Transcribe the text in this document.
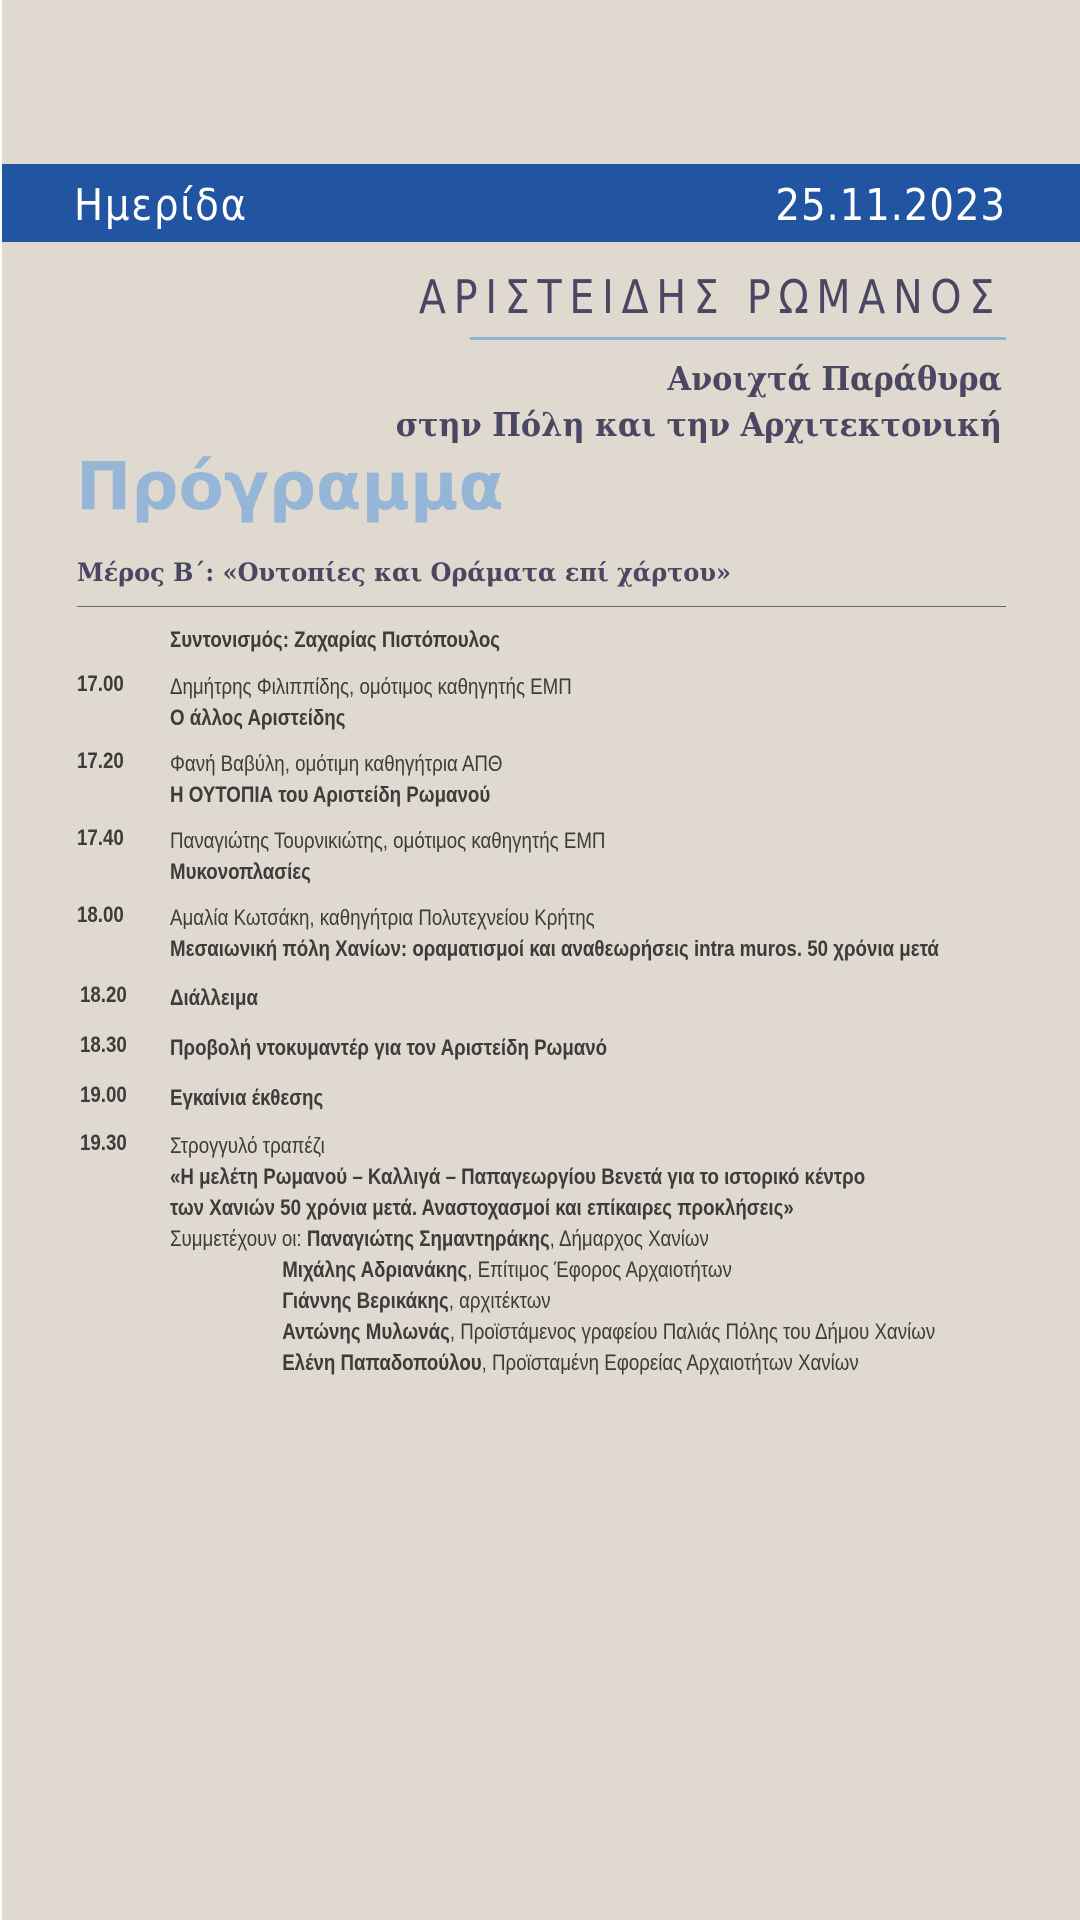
Ημερίδα	25.11.2023
ΑΡΙΣΤΕΙΔΗΣ ΡΩΜΑΝΟΣ
Ανοιχτά Παράθυρα
στην Πόλη και την Αρχιτεκτονική
Πρόγραμμα
Μέρος Β΄: «Ουτοπίες και Οράματα επί χάρτου»
Συντονισμός: Ζαχαρίας Πιστόπουλος
17.00 Δημήτρης Φιλιππίδης, ομότιμος καθηγητής ΕΜΠ
Ο άλλος Αριστείδης
17.20 Φανή Βαβύλη, ομότιμη καθηγήτρια ΑΠΘ
Η ΟΥΤΟΠΙΑ του Αριστείδη Ρωμανού
17.40 Παναγιώτης Τουρνικιώτης, ομότιμος καθηγητής ΕΜΠ
Μυκονοπλασίες
18.00 Αμαλία Κωτσάκη, καθηγήτρια Πολυτεχνείου Κρήτης
Μεσαιωνική πόλη Χανίων: οραματισμοί και αναθεωρήσεις intra muros. 50 χρόνια μετά
18.20 Διάλλειμα
18.30 Προβολή ντοκυμαντέρ για τον Αριστείδη Ρωμανό
19.00 Εγκαίνια έκθεσης
19.30 Στρογγυλό τραπέζι
«Η μελέτη Ρωμανού – Καλλιγά – Παπαγεωργίου Βενετά για το ιστορικό κέντρο
των Χανιών 50 χρόνια μετά. Αναστοχασμοί και επίκαιρες προκλήσεις»
Συμμετέχουν οι: Παναγιώτης Σημαντηράκης, Δήμαρχος Χανίων
Μιχάλης Αδριανάκης, Επίτιμος Έφορος Αρχαιοτήτων
Γιάννης Βερικάκης, αρχιτέκτων
Αντώνης Μυλωνάς, Προϊστάμενος γραφείου Παλιάς Πόλης του Δήμου Χανίων
Ελένη Παπαδοπούλου, Προϊσταμένη Εφορείας Αρχαιοτήτων Χανίων
